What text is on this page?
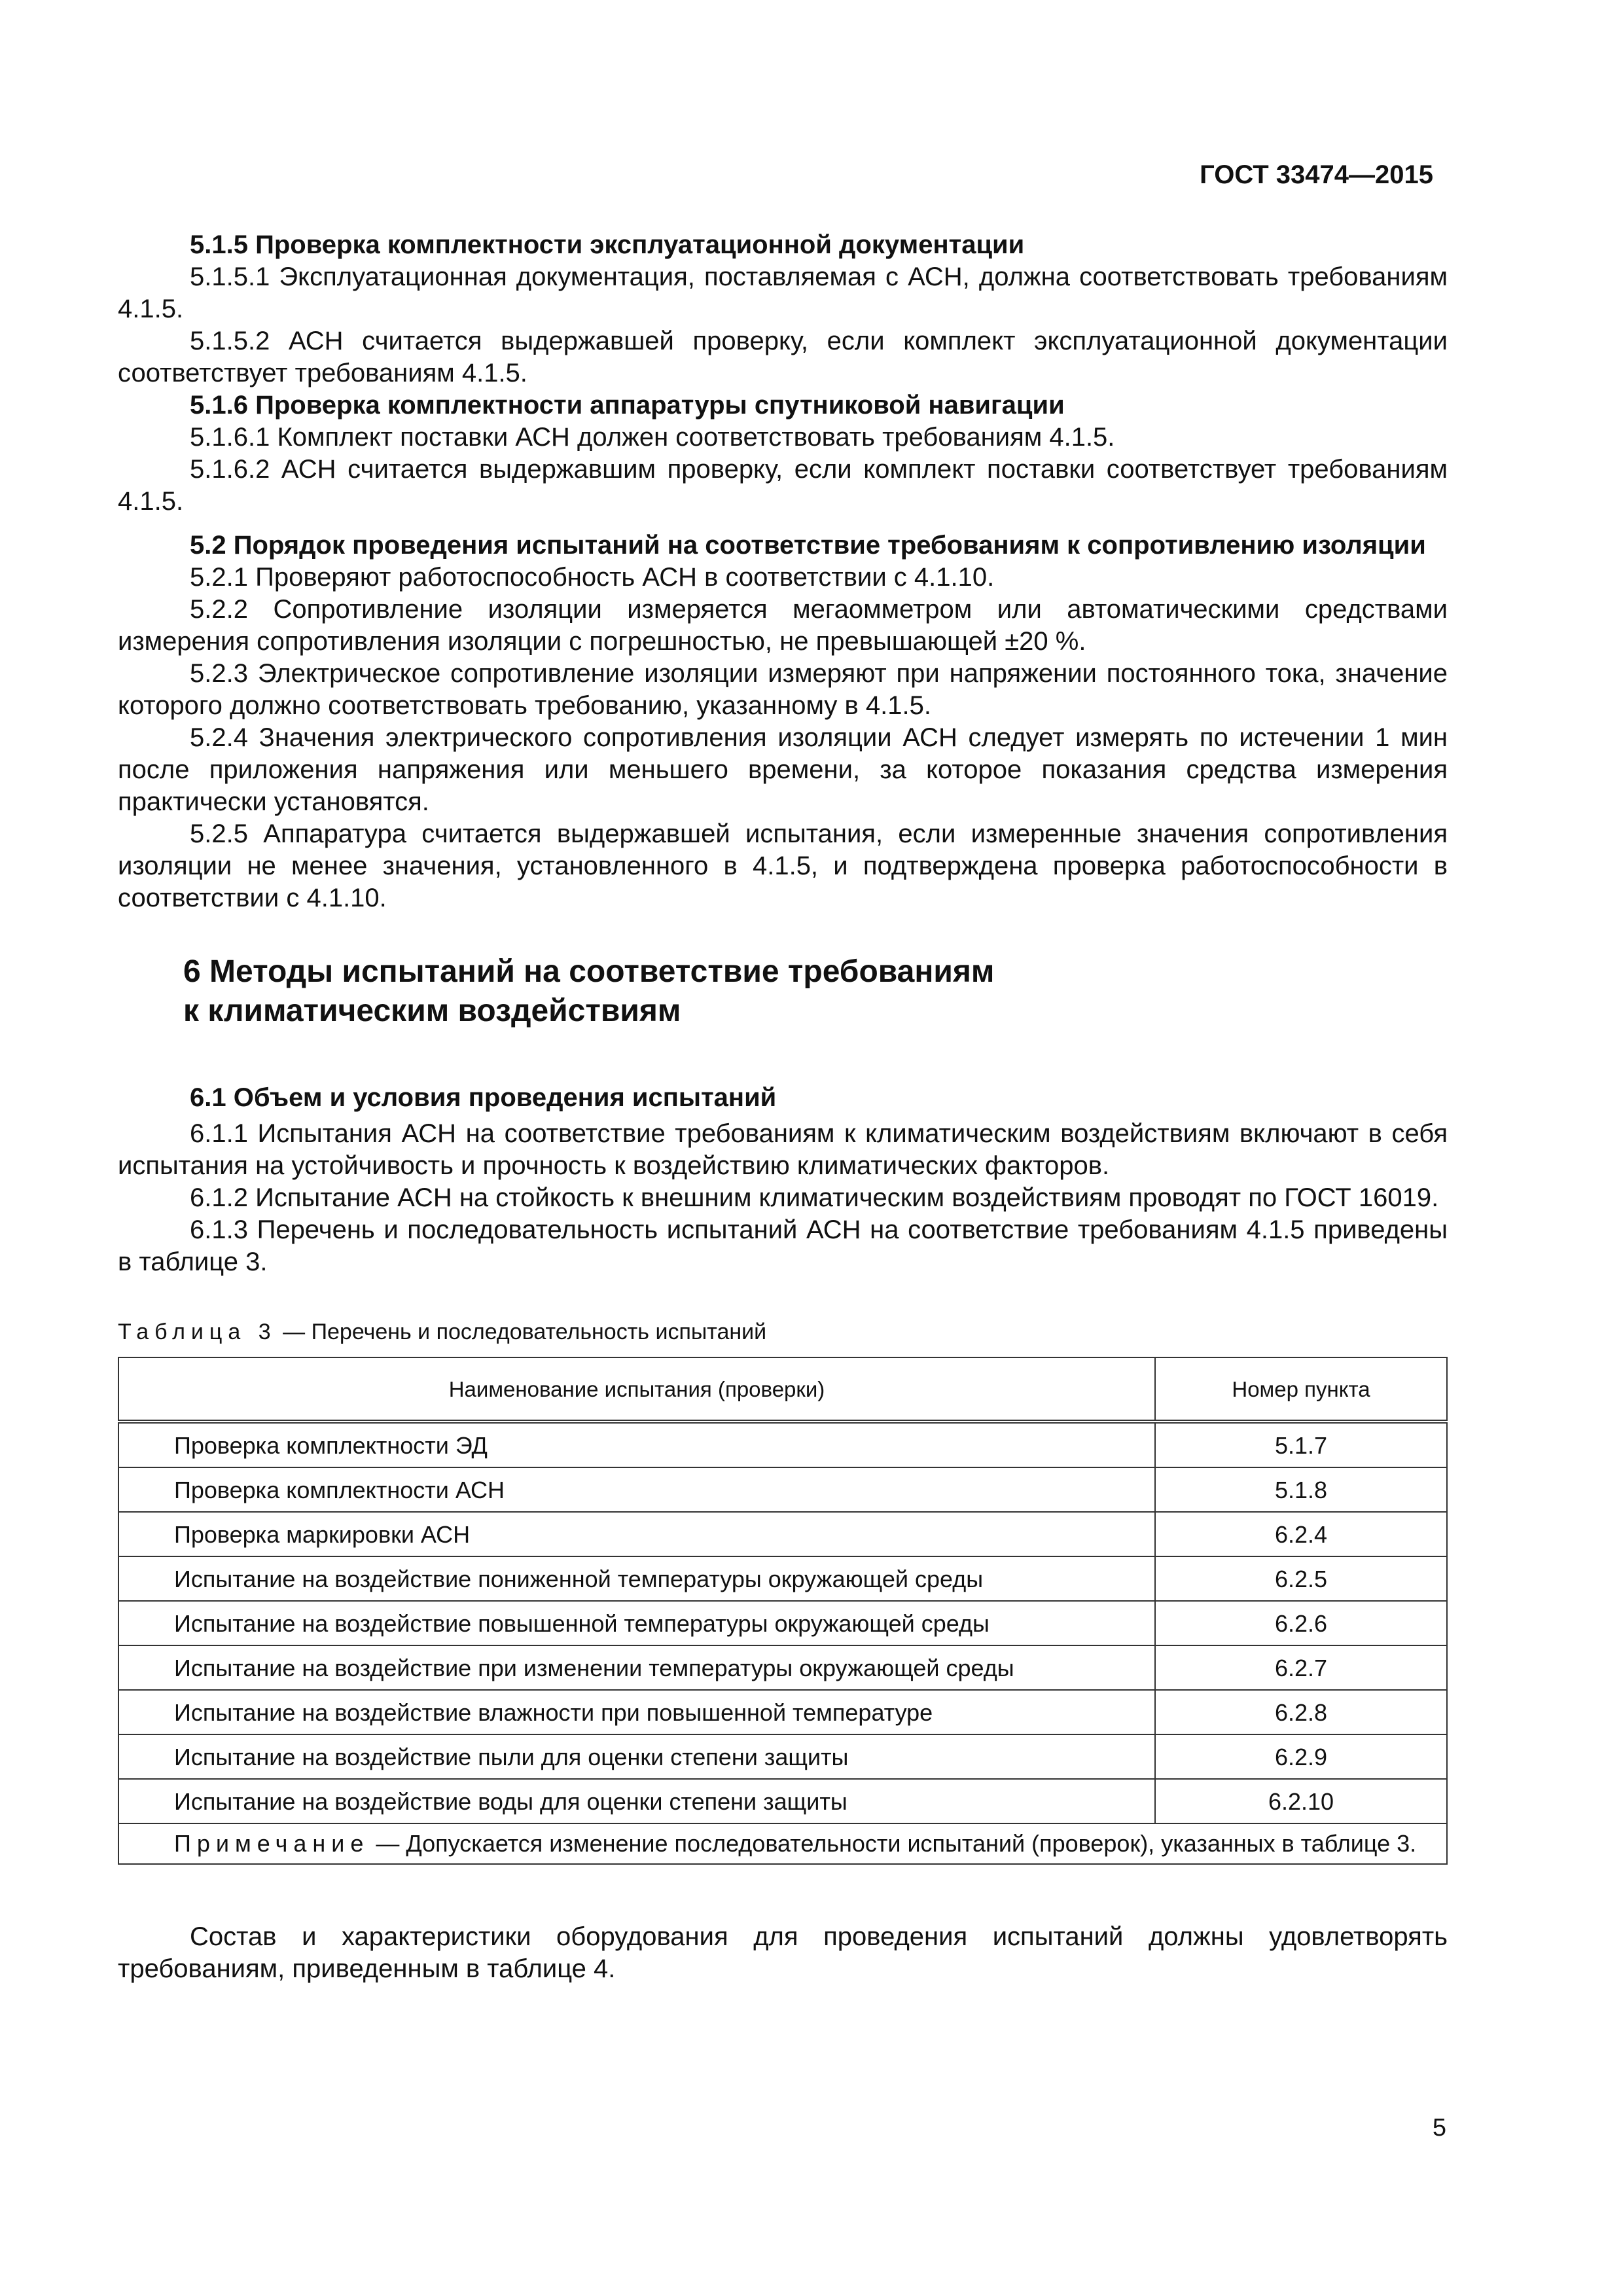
ГОСТ 33474—2015

5.1.5 Проверка комплектности эксплуатационной документации

5.1.5.1 Эксплуатационная документация, поставляемая с АСН, должна соответствовать требованиям 4.1.5.

5.1.5.2 АСН считается выдержавшей проверку, если комплект эксплуатационной документации соответствует требованиям 4.1.5.

5.1.6 Проверка комплектности аппаратуры спутниковой навигации

5.1.6.1 Комплект поставки АСН должен соответствовать требованиям 4.1.5.

5.1.6.2 АСН считается выдержавшим проверку, если комплект поставки соответствует требованиям 4.1.5.

5.2 Порядок проведения испытаний на соответствие требованиям к сопротивлению изоляции

5.2.1 Проверяют работоспособность АСН в соответствии с 4.1.10.

5.2.2 Сопротивление изоляции измеряется мегаомметром или автоматическими средствами измерения сопротивления изоляции с погрешностью, не превышающей ±20 %.

5.2.3 Электрическое сопротивление изоляции измеряют при напряжении постоянного тока, значение которого должно соответствовать требованию, указанному в 4.1.5.

5.2.4 Значения электрического сопротивления изоляции АСН следует измерять по истечении 1 мин после приложения напряжения или меньшего времени, за которое показания средства измерения практически установятся.

5.2.5 Аппаратура считается выдержавшей испытания, если измеренные значения сопротивления изоляции не менее значения, установленного в 4.1.5, и подтверждена проверка работоспособности в соответствии с 4.1.10.

6 Методы испытаний на соответствие требованиям
к климатическим воздействиям

6.1 Объем и условия проведения испытаний

6.1.1 Испытания АСН на соответствие требованиям к климатическим воздействиям включают в себя испытания на устойчивость и прочность к воздействию климатических факторов.

6.1.2 Испытание АСН на стойкость к внешним климатическим воздействиям проводят по ГОСТ 16019.

6.1.3 Перечень и последовательность испытаний АСН на соответствие требованиям 4.1.5 приведены в таблице 3.

Таблица 3 — Перечень и последовательность испытаний
Наименование испытания (проверки)	Номер пункта
Проверка комплектности ЭД	5.1.7
Проверка комплектности АСН	5.1.8
Проверка маркировки АСН	6.2.4
Испытание на воздействие пониженной температуры окружающей среды	6.2.5
Испытание на воздействие повышенной температуры окружающей среды	6.2.6
Испытание на воздействие при изменении температуры окружающей среды	6.2.7
Испытание на воздействие влажности при повышенной температуре	6.2.8
Испытание на воздействие пыли для оценки степени защиты	6.2.9
Испытание на воздействие воды для оценки степени защиты	6.2.10

Примечание — Допускается изменение последовательности испытаний (проверок), указанных в таблице 3.	

Состав и характеристики оборудования для проведения испытаний должны удовлетворять требованиям, приведенным в таблице 4.

5
